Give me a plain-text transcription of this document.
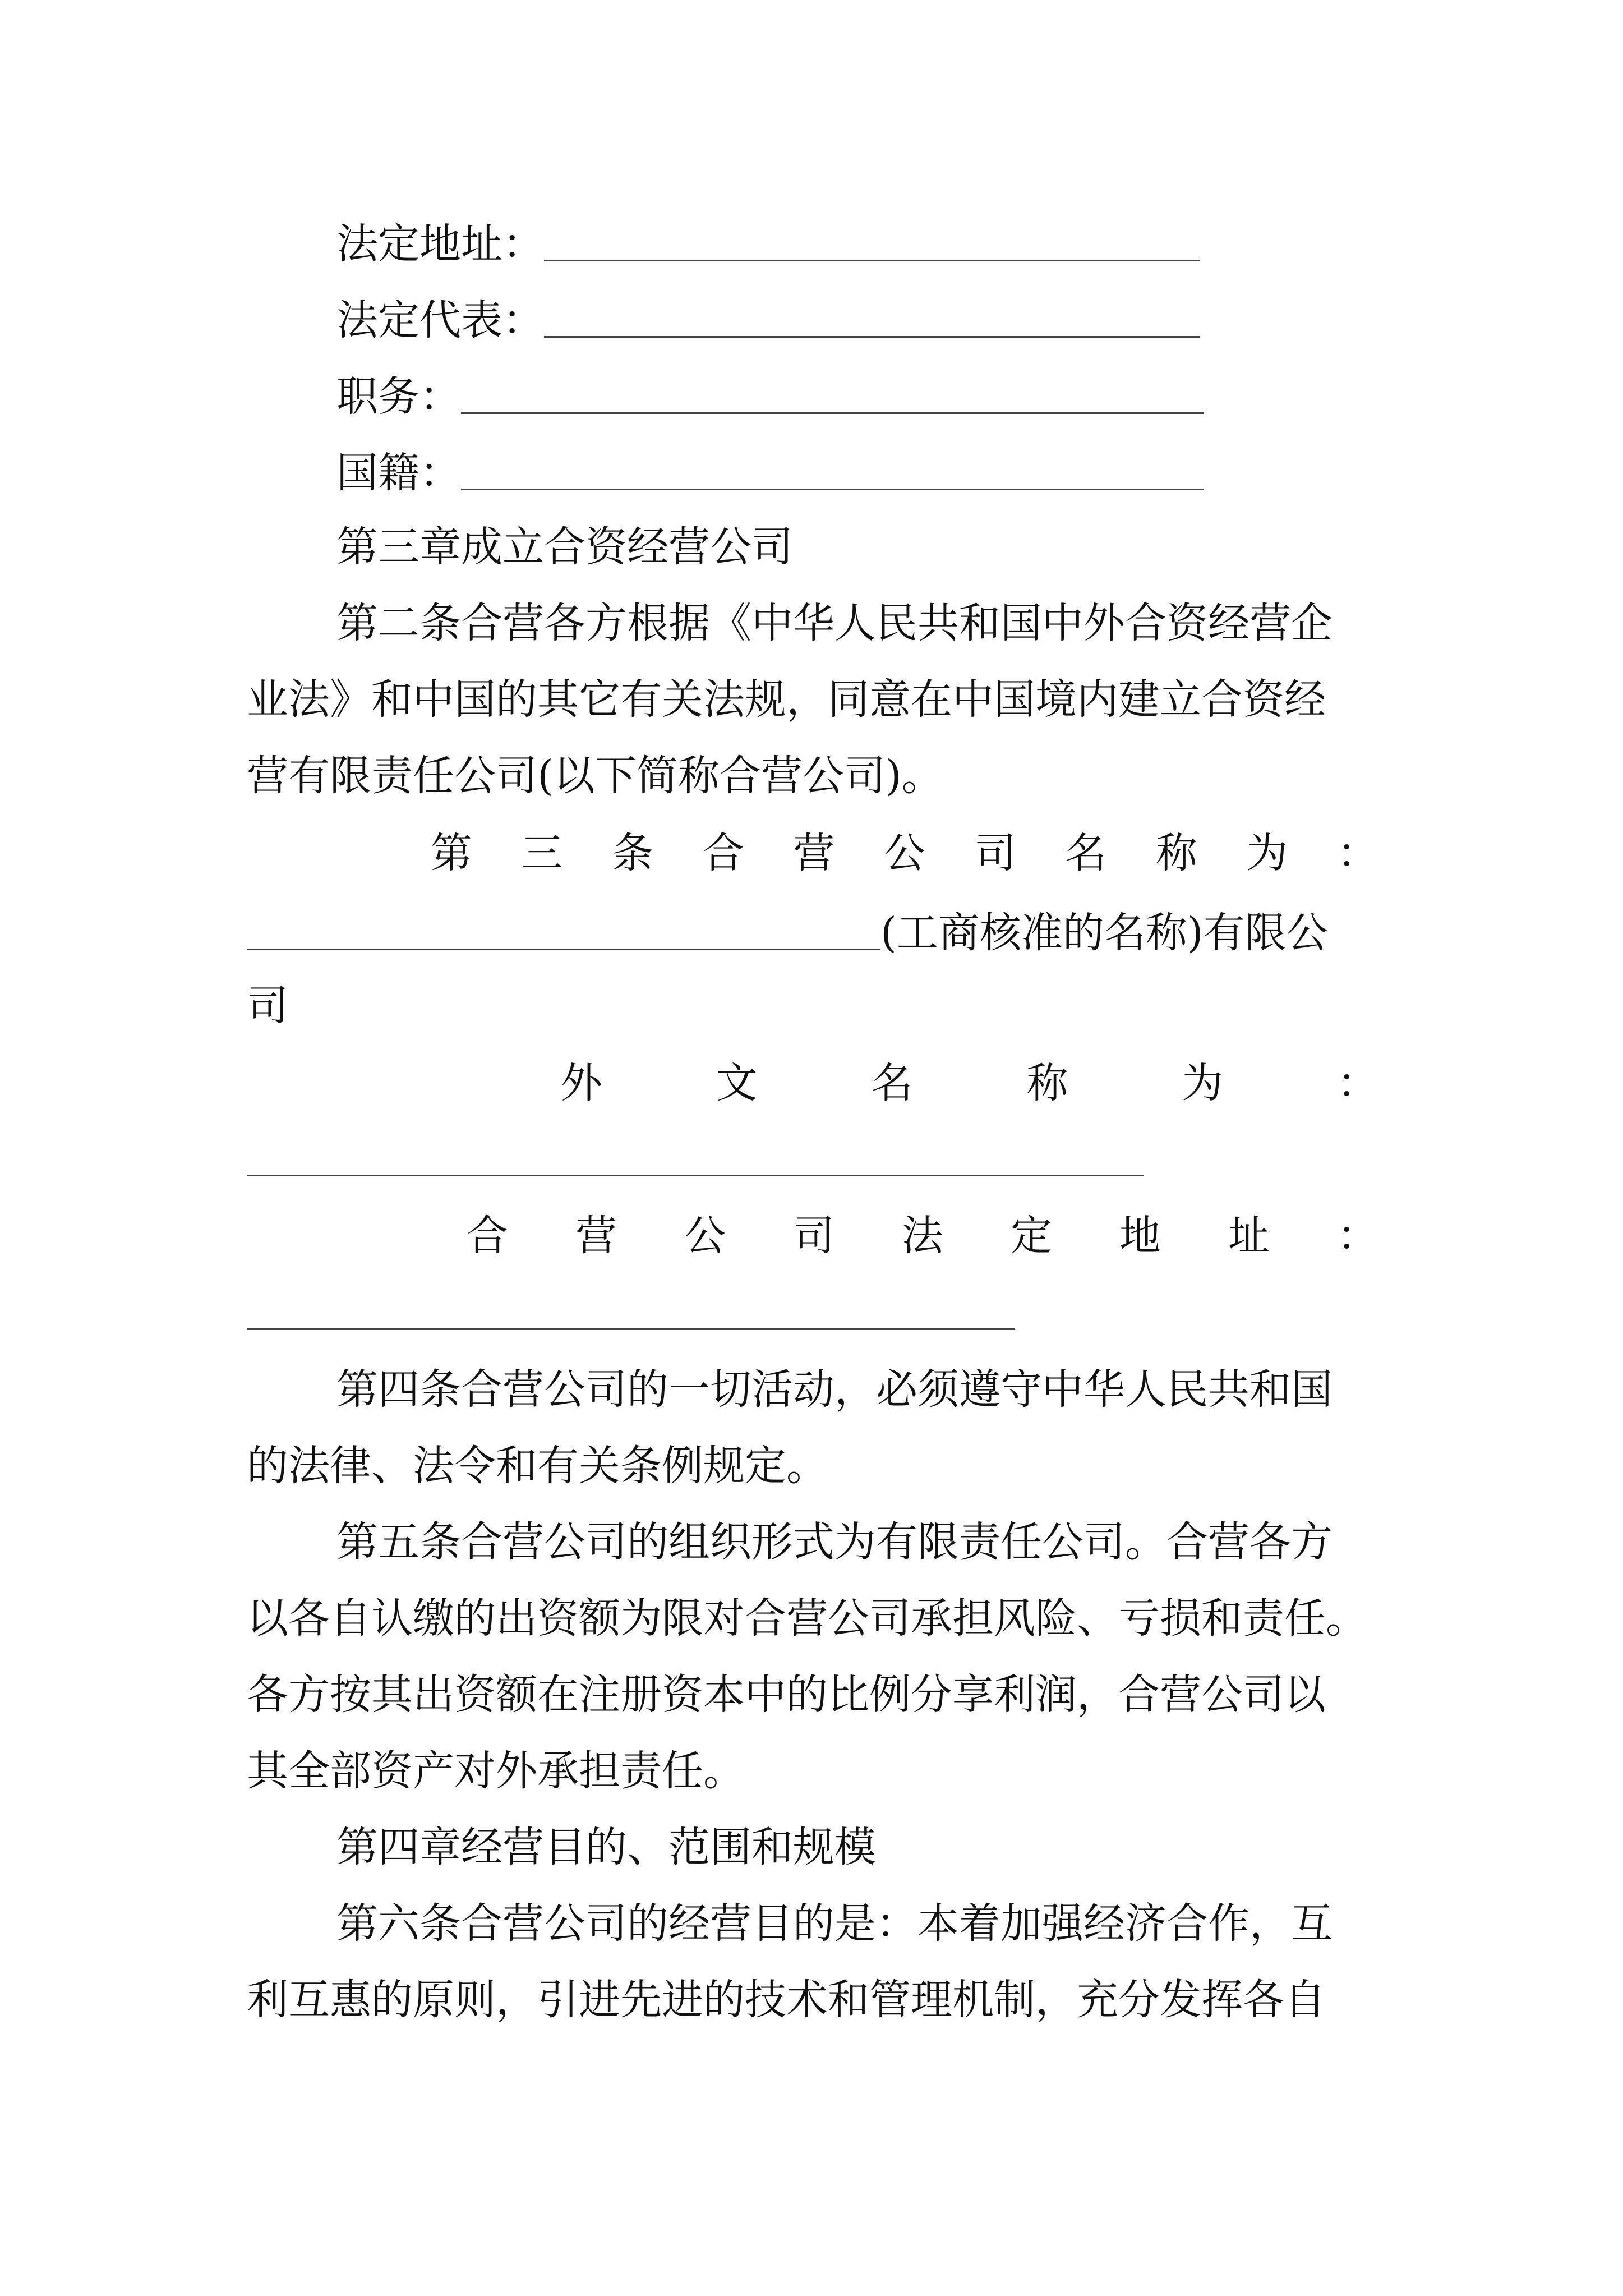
法定地址：
法定代表：
职务：
国籍：
第三章成立合资经营公司
第二条合营各方根据《中华人民共和国中外合资经营企
业法》和中国的其它有关法规，同意在中国境内建立合资经
营有限责任公司(以下简称合营公司)。
第 三 条 合 营 公 司 名 称 为 ：
(工商核准的名称)有限公
司
外	文	名	称	为	：
合 营 公 司 法 定 地 址 ：
第四条合营公司的一切活动，必须遵守中华人民共和国
的法律、法令和有关条例规定。
第五条合营公司的组织形式为有限责任公司。合营各方
以各自认缴的出资额为限对合营公司承担风险、亏损和责任。
各方按其出资额在注册资本中的比例分享利润，合营公司以
其全部资产对外承担责任。
第四章经营目的、范围和规模
第六条合营公司的经营目的是：本着加强经济合作，互
利互惠的原则，引进先进的技术和管理机制，充分发挥各自
